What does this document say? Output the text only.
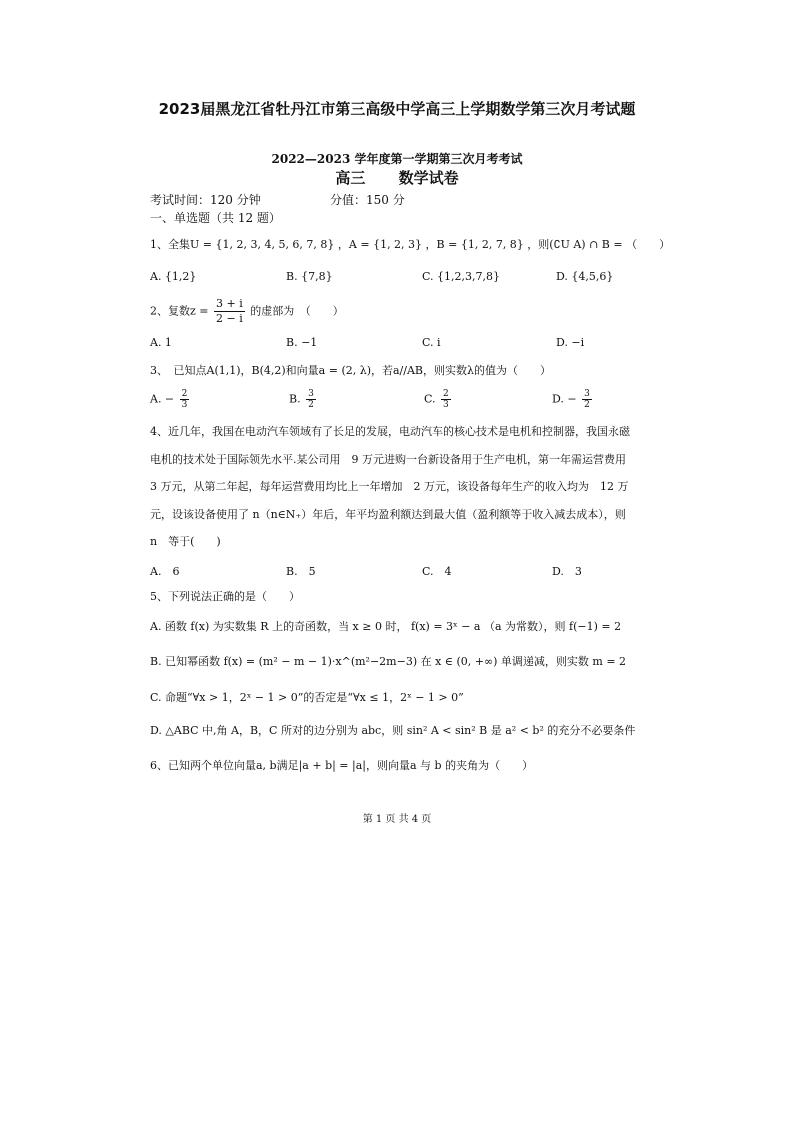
2023届黑龙江省牡丹江市第三高级中学高三上学期数学第三次月考试题
2022—2023 学年度第一学期第三次月考考试
高三 数学试卷
考试时间：120 分钟	分值：150 分
一、单选题（共 12 题）
1、全集U = {1, 2, 3, 4, 5, 6, 7, 8} ，A = {1, 2, 3} ，B = {1, 2, 7, 8} ，则(∁U A) ∩ B = （　　）
A. {1,2}	B. {7,8}	C. {1,2,3,7,8}	D. {4,5,6}
2、复数$z = \frac{3 + i}{2 - i}$ 的虚部为　（　　）
A. 1	B. −1	C. i	D. −i
3、　已知点A(1,1)，B(4,2)和向量a = (2, λ)，若a//AB，则实数λ的值为（　　）
A. − $\frac{2}{3}$	B. $\frac{3}{2}$	C. $\frac{2}{3}$	D. − $\frac{3}{2}$
4、近几年，我国在电动汽车领域有了长足的发展，电动汽车的核心技术是电机和控制器，我国永磁电机的技术处于国际领先水平.某公司用　9 万元进购一台新设备用于生产电机，第一年需运营费用　3 万元，从第二年起，每年运营费用均比上一年增加　2 万元，该设备每年生产的收入均为　12 万元，设该设备使用了 n（n∈N₊）年后，年平均盈利额达到最大值（盈利额等于收入减去成本），则　n　等于(　　)
A.　6	B.　5	C.　4	D.　3
5、下列说法正确的是（　　）
A. 函数 f(x) 为实数集 R 上的奇函数，当 x ≥ 0 时， f(x) = 3ˣ − a （a 为常数），则 f(−1) = 2
B. 已知幂函数 f(x) = (m² − m − 1)·x^(m²−2m−3) 在 x ∈ (0, +∞) 单调递减，则实数 m = 2
C. 命题“∀x > 1，2ˣ − 1 > 0”的否定是“∀x ≤ 1，2ˣ − 1 > 0”
D. △ABC 中,角 A，B，C 所对的边分别为 abc，则 sin² A < sin² B 是 a² < b² 的充分不必要条件
6、已知两个单位向量a, b满足|a + b| = |a|，则向量a 与 b 的夹角为（　　）
第 1 页 共 4 页
